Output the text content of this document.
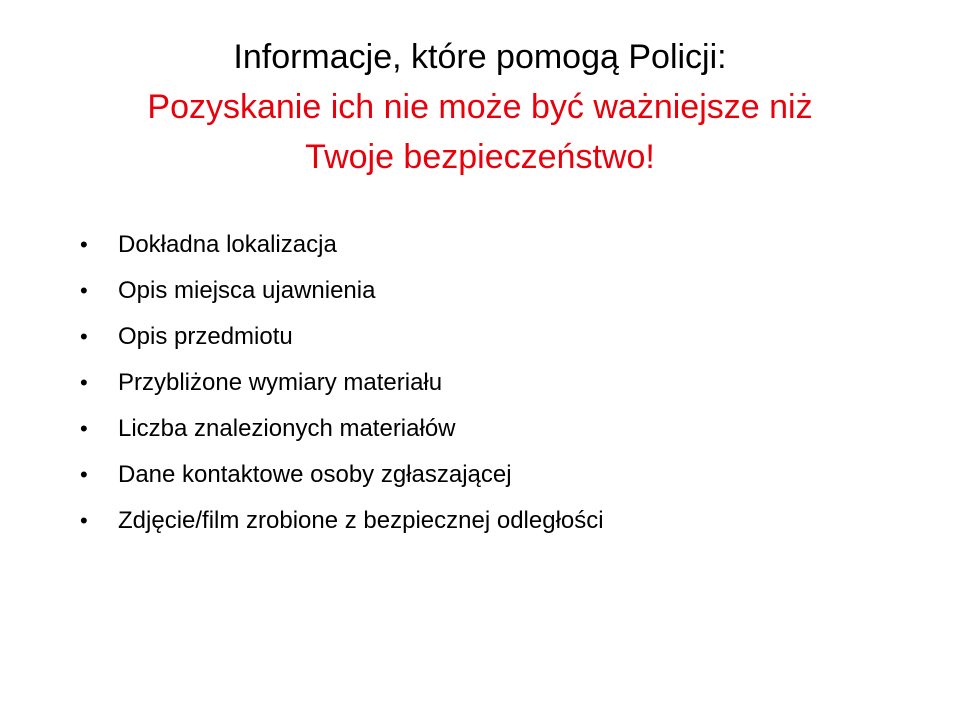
Informacje, które pomogą Policji:
Pozyskanie ich nie może być ważniejsze niż
Twoje bezpieczeństwo!
•	Dokładna lokalizacja
•	Opis miejsca ujawnienia
•	Opis przedmiotu
•	Przybliżone wymiary materiału
•	Liczba znalezionych materiałów
•	Dane kontaktowe osoby zgłaszającej
•	Zdjęcie/film zrobione z bezpiecznej odległości
